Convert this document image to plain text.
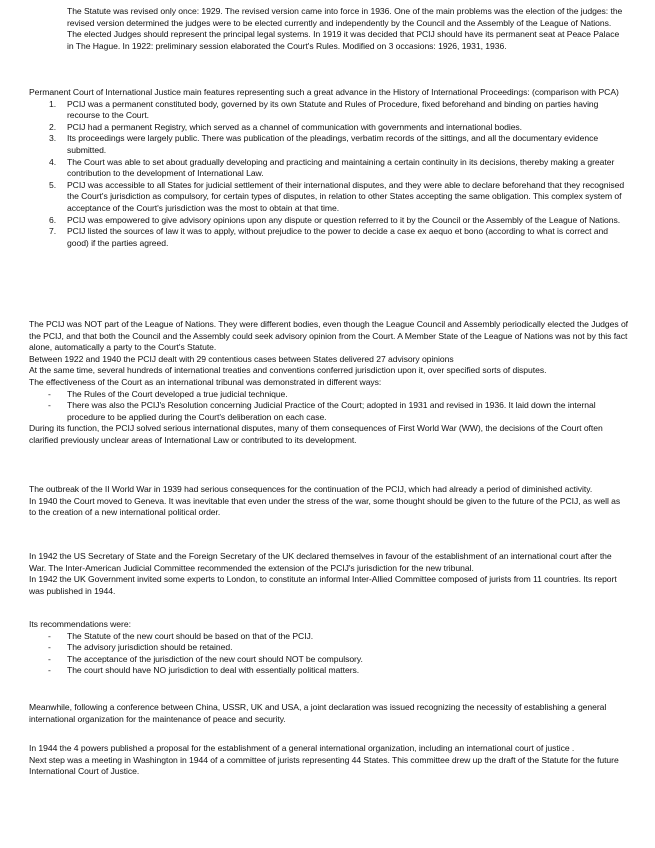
The Statute was revised only once: 1929. The revised version came into force in 1936. One of the main problems was the election of the judges: the revised version determined the judges were to be elected currently and independently by the Council and the Assembly of the League of Nations. The elected Judges should represent the principal legal systems. In 1919 it was decided that PCIJ should have its permanent seat at Peace Palace in The Hague. In 1922: preliminary session elaborated the Court's Rules. Modified on 3 occasions: 1926, 1931, 1936.

Permanent Court of International Justice main features representing such a great advance in the History of International Proceedings: (comparison with PCA)

1.	PCIJ was a permanent constituted body, governed by its own Statute and Rules of Procedure, fixed beforehand and binding on parties having recourse to the Court.
2.	PCIJ had a permanent Registry, which served as a channel of communication with governments and international bodies.
3.	Its proceedings were largely public. There was publication of the pleadings, verbatim records of the sittings, and all the documentary evidence submitted.
4.	The Court was able to set about gradually developing and practicing and maintaining a certain continuity in its decisions, thereby making a greater contribution to the development of International Law.
5.	PCIJ was accessible to all States for judicial settlement of their international disputes, and they were able to declare beforehand that they recognised the Court's jurisdiction as compulsory, for certain types of disputes, in relation to other States accepting the same obligation. This complex system of acceptance of the Court's jurisdiction was the most to obtain at that time.
6.	PCIJ was empowered to give advisory opinions upon any dispute or question referred to it by the Council or the Assembly of the League of Nations.
7.	PCIJ listed the sources of law it was to apply, without prejudice to the power to decide a case ex aequo et bono (according to what is correct and good) if the parties agreed.

The PCIJ was NOT part of the League of Nations. They were different bodies, even though the League Council and Assembly periodically elected the Judges of the PCIJ, and that both the Council and the Assembly could seek advisory opinion from the Court. A Member State of the League of Nations was not by this fact alone, automatically a party to the Court's Statute.

Between 1922 and 1940 the PCIJ dealt with 29 contentious cases between States delivered 27 advisory opinions

At the same time, several hundreds of international treaties and conventions conferred jurisdiction upon it, over specified sorts of disputes.

The effectiveness of the Court as an international tribunal was demonstrated in different ways:

-	The Rules of the Court developed a true judicial technique.
-	There was also the PCIJ's Resolution concerning Judicial Practice of the Court; adopted in 1931 and revised in 1936. It laid down the internal procedure to be applied during the Court's deliberation on each case.

During its function, the PCIJ solved serious international disputes, many of them consequences of First World War (WW), the decisions of the Court often clarified previously unclear areas of International Law or contributed to its development.

The outbreak of the II World War in 1939 had serious consequences for the continuation of the PCIJ, which had already a period of diminished activity.

In 1940 the Court moved to Geneva. It was inevitable that even under the stress of the war, some thought should be given to the future of the PCIJ, as well as to the creation of a new international political order.

In 1942 the US Secretary of State and the Foreign Secretary of the UK declared themselves in favour of the establishment of an international court after the War. The Inter-American Judicial Committee recommended the extension of the PCIJ's jurisdiction for the new tribunal.

In 1942 the UK Government invited some experts to London, to constitute an informal Inter-Allied Committee composed of jurists from 11 countries. Its report was published in 1944.

Its recommendations were:

-	The Statute of the new court should be based on that of the PCIJ.
-	The advisory jurisdiction should be retained.
-	The acceptance of the jurisdiction of the new court should NOT be compulsory.
-	The court should have NO jurisdiction to deal with essentially political matters.

Meanwhile, following a conference between China, USSR, UK and USA, a joint declaration was issued recognizing the necessity of establishing a general international organization for the maintenance of peace and security.

In 1944 the 4 powers published a proposal for the establishment of a general international organization, including an international court of justice .

Next step was a meeting in Washington in 1944 of a committee of jurists representing 44 States. This committee drew up the draft of the Statute for the future International Court of Justice.
